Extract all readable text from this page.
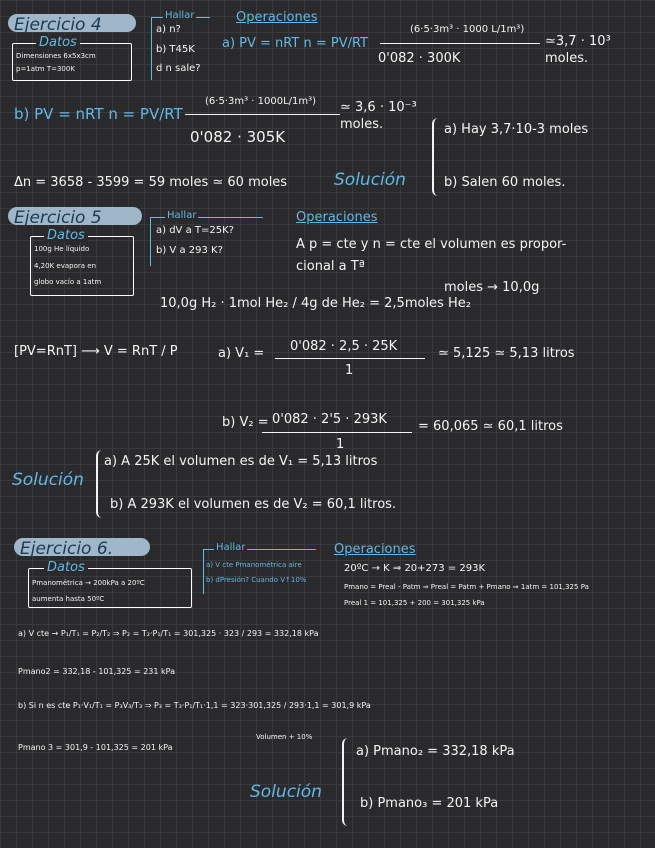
Ejercicio 4
Datos
Dimensiones 6x5x3cm
p=1atm T=300K
Hallar
a) n?
b) T45K
d n sale?
Operaciones
a) PV = nRT n = PV/RT
(6·5·3m³ · 1000 L/1m³)
0'082 · 300K
≃3,7 · 10³ moles.
b) PV = nRT n = PV/RT
(6·5·3m³ · 1000L/1m³)
0'082 · 305K
≃ 3,6 · 10⁻³ moles.
Δn = 3658 - 3599 = 59 moles ≃ 60 moles	Solución
a) Hay 3,7·10-3 moles
b) Salen 60 moles.
Ejercicio 5
Datos
100g He líquido
4,20K evapora en
globo vacío a 1atm
Hallar
a) dV a T=25K?
b) V a 293 K?
Operaciones
A p = cte y n = cte el volumen es propor-
cional a Tª
moles → 10,0g
10,0g H₂ · 1mol He₂ / 4g de He₂ = 2,5moles He₂
[PV=RnT] ⟶ V = RnT / P	a) V₁ = 0'082 · 2,5 · 25K
1
≃ 5,125 ≃ 5,13 litros
b) V₂ = 0'082 · 2'5 · 293K
1
= 60,065 ≃ 60,1 litros
Solución
a) A 25K el volumen es de V₁ = 5,13 litros
b) A 293K el volumen es de V₂ = 60,1 litros.
Ejercicio 6.
Datos
Pmanométrica → 200kPa a 20ºC
aumenta hasta 50ºC
Hallar
a) V cte Pmanométrica aire
b) dPresión? Cuando V↑10%
Operaciones
20ºC → K ⇒ 20+273 = 293K
Pmano = Preal - Patm ⇒ Preal = Patm + Pmano ⇒ 1atm = 101,325 Pa
Preal 1 = 101,325 + 200 = 301,325 kPa
a) V cte → P₁/T₁ = P₂/T₂ ⇒ P₂ = T₂·P₁/T₁ = 301,325 · 323 / 293 = 332,18 kPa
Pmano2 = 332,18 - 101,325 = 231 kPa
b) Si n es cte P₁·V₁/T₁ = P₃V₃/T₃ ⇒ P₃ = T₃·P₁/T₁·1,1 = 323·301,325 / 293·1,1 = 301,9 kPa
Volumen + 10%
Pmano 3 = 301,9 - 101,325 = 201 kPa
Solución
a) Pmano₂ = 332,18 kPa
b) Pmano₃ = 201 kPa
